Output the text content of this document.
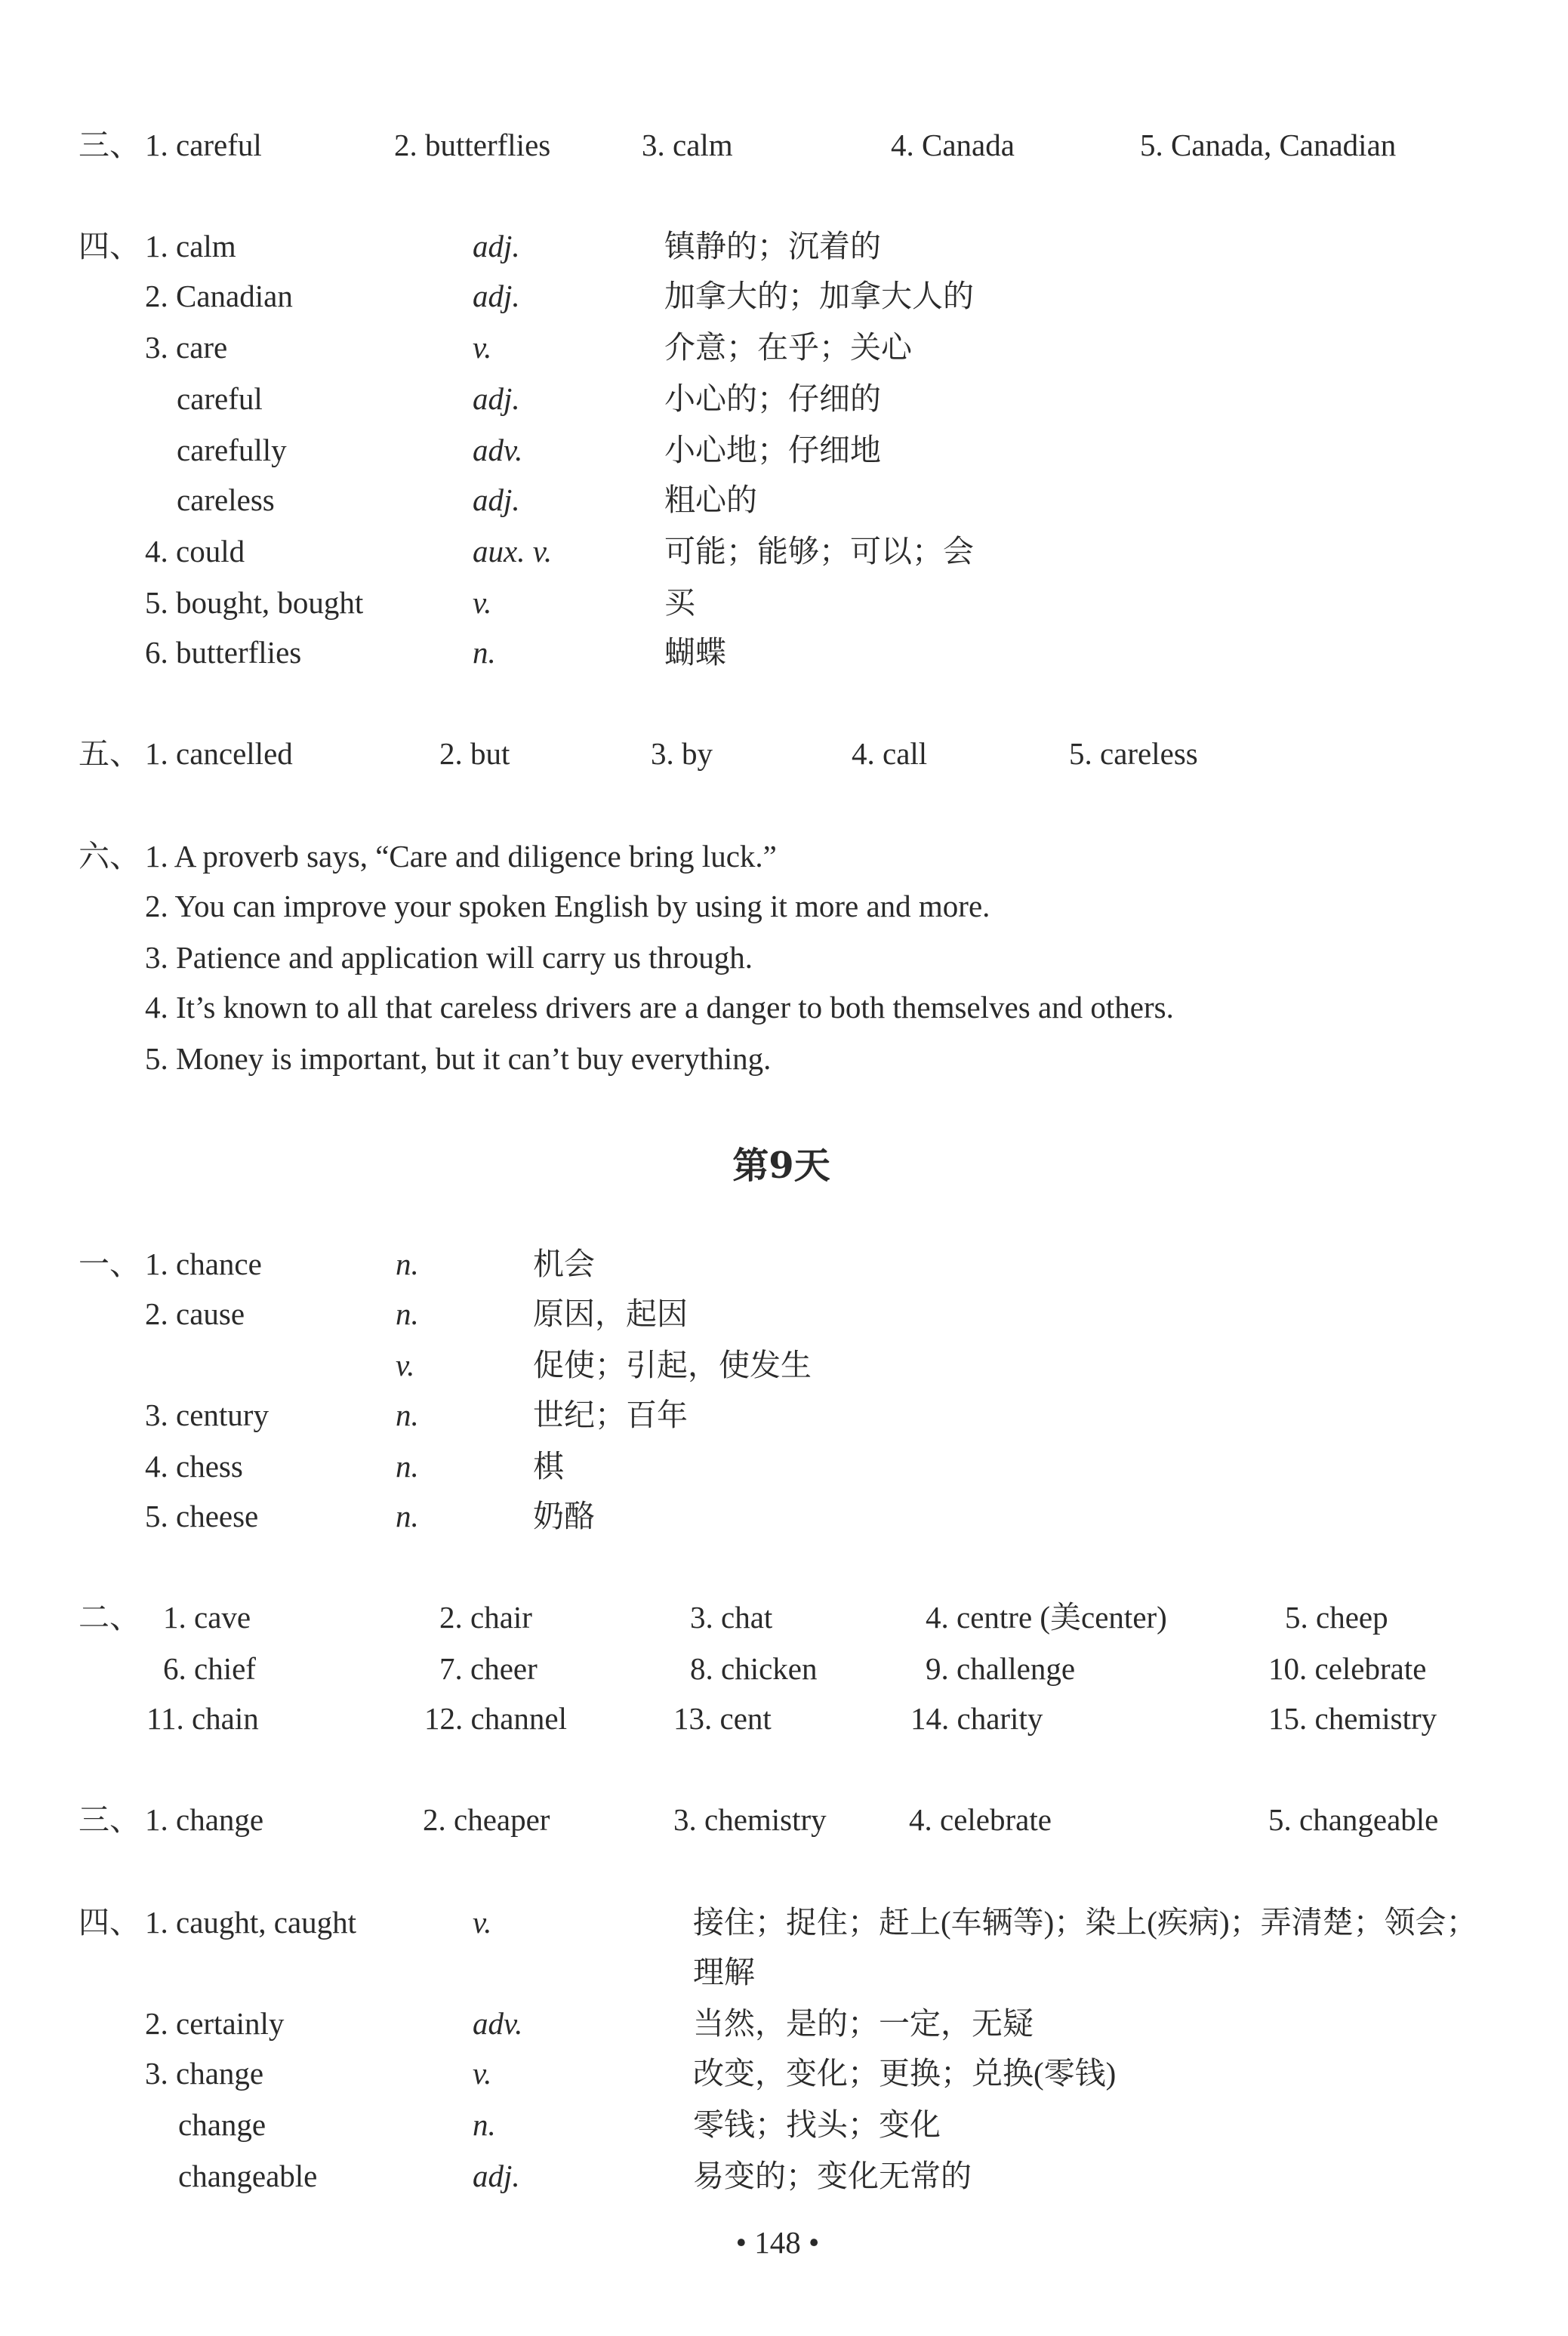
三、 1. careful	2. butterflies	3. calm	4. Canada	5. Canada, Canadian
四、 1. calm	adj.	镇静的；沉着的
2. Canadian	adj.	加拿大的；加拿大人的
3. care	v.	介意；在乎；关心
careful	adj.	小心的；仔细的
carefully	adv.	小心地；仔细地
careless	adj.	粗心的
4. could	aux. v.	可能；能够；可以；会
5. bought, bought	v.	买
6. butterflies	n.	蝴蝶
五、 1. cancelled	2. but	3. by	4. call	5. careless
六、 1. A proverb says, “Care and diligence bring luck.”
2. You can improve your spoken English by using it more and more.
3. Patience and application will carry us through.
4. It’s known to all that careless drivers are a danger to both themselves and others.
5. Money is important, but it can’t buy everything.
第9天
一、 1. chance	n.	机会
2. cause	n.	原因，起因
v.	促使；引起，使发生
3. century	n.	世纪；百年
4. chess	n.	棋
5. cheese	n.	奶酪
二、 1. cave	2. chair	3. chat	4. centre (美center)	5. cheep
6. chief	7. cheer	8. chicken	9. challenge	10. celebrate
11. chain	12. channel	13. cent	14. charity	15. chemistry
三、 1. change	2. cheaper	3. chemistry	4. celebrate	5. changeable
四、 1. caught, caught	v.	接住；捉住；赶上(车辆等)；染上(疾病)；弄清楚；领会；
理解
2. certainly	adv.	当然，是的；一定，无疑
3. change	v.	改变，变化；更换；兑换(零钱)
change	n.	零钱；找头；变化
changeable	adj.	易变的；变化无常的
• 148 •
